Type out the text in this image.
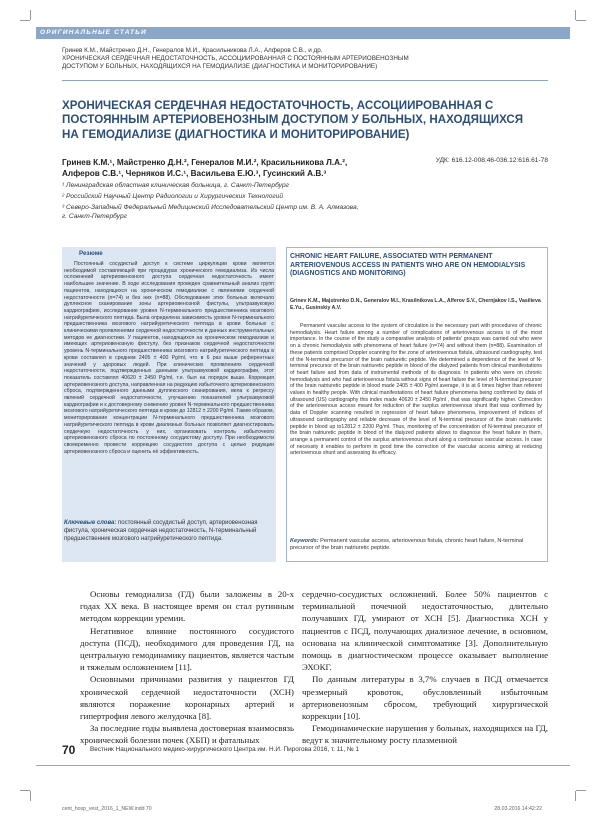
ОРИГИНАЛЬНЫЕ СТАТЬИ
Гринев К.М., Майстренко Д.Н., Генералов М.И., Красильникова Л.А., Алферов С.В., и др.
ХРОНИЧЕСКАЯ СЕРДЕЧНАЯ НЕДОСТАТОЧНОСТЬ, АССОЦИИРОВАННАЯ С ПОСТОЯННЫМ АРТЕРИОВЕНОЗНЫМ
ДОСТУПОМ У БОЛЬНЫХ, НАХОДЯЩИХСЯ НА ГЕМОДИАЛИЗЕ (ДИАГНОСТИКА И МОНИТОРИРОВАНИЕ)
ХРОНИЧЕСКАЯ СЕРДЕЧНАЯ НЕДОСТАТОЧНОСТЬ, АССОЦИИРОВАННАЯ С ПОСТОЯННЫМ АРТЕРИОВЕНОЗНЫМ ДОСТУПОМ У БОЛЬНЫХ, НАХОДЯЩИХСЯ НА ГЕМОДИАЛИЗЕ (ДИАГНОСТИКА И МОНИТОРИРОВАНИЕ)
Гринев К.М.¹, Майстренко Д.Н.², Генералов М.И.², Красильникова Л.А.²,
Алферов С.В.¹, Черняков И.С.¹, Васильева Е.Ю.³, Гусинский А.В.³
УДК: 616.12-008.46-036.12:616.61-78

¹ Ленинградская областная клиническая больница, г. Санкт-Петербург

² Российский Научный Центр Радиологии и Хирургических Технологий

³ Северо-Западный Федеральный Медицинский Исследовательский Центр им. В. А. Алмазова, г. Санкт-Петербург

Резюме

Постоянный сосудистый доступ к системе циркуляции крови является необходимой составляющей при процедурах хронического гемодиализа. Из числа осложнений артериовенозного доступа сердечная недостаточность имеет наибольшее значение. В ходе исследования проведен сравнительный анализ групп пациентов, находящихся на хроническом гемодиализе с явлениями сердечной недостаточности (n=74) и без них (n=88). Обследование этих больных включало дуплексное сканирование зоны артериовенозной фистулы, ультразвуковую кардиографию, исследование уровня N-терминального предшественника мозгового натрийуретического пептида. Была определена зависимость уровня N-терминального предшественника мозгового натрийуретического пептида в крови больных с клиническими проявлениями сердечной недостаточности и данных инструментальных методов ее диагностики. У пациентов, находящихся на хроническом гемодиализе и имеющих артериовенозную фистулу, без признаков сердечной недостаточности уровень N-терминального предшественника мозгового натрийуретического пептида в крови составлял в среднем 2405 ± 400 Pg/ml, что в 6 раз выше референтных значений у здоровых людей. При клинических проявлениях сердечной недостаточности, подтвержденных данными ультразвуковой кардиографии, этот показатель составлял 40620 ± 2450 Pg/ml, т.е. был на порядок выше. Коррекция артериовенозного доступа, направленная на редукцию избыточного артериовенозного сброса, подтвержденного данными дуплексного сканирования, вела к регрессу явлений сердечной недостаточности, улучшению показателей ультразвуковой кардиографии и к достоверному снижению уровня N-терминального предшественника мозгового натрийуретического пептида в крови до 12812 ± 2200 Pg/ml. Таким образом, мониторирование концентрации N-терминального предшественника мозгового натрийуретического пептида в крови диализных больных позволяет диагностировать сердечную недостаточность у них, организовать контроль избыточного артериовенозного сброса по постоянному сосудистому доступу. При необходимости своевременно провести коррекцию сосудистого доступа с целью редукции артериовенозного сброса и оценить её эффективность.

Ключевые слова: постоянный сосудистый доступ, артериовенозная фистула, хроническая сердечная недостаточность, N-терминальный предшественник мозгового натрийуретического пептида.
CHRONIC HEART FAILURE, ASSOCIATED WITH PERMANENT ARTERIOVENOUS ACCESS IN PATIENTS WHO ARE ON HEMODIALYSIS (DIAGNOSTICS AND MONITORING)
Grinev K.M., Majstrenko D.N., Generalov M.I., Krasilnikova L.A., Alferov S.V., Chernjakov I.S., Vasilieva E.Yu., Gusinskiy A.V.

Permanent vascular access to the system of circulation is the necessary part with procedures of chronic hemodialysis. Heart failure among a number of complications of arteriovenous access is of the most importance. In the course of the study a comparative analysis of patients' groups was carried out who were on a chronic hemodialysis with phenomena of heart failure (n=74) and without them (n=88). Examination of these patients comprised Doppler scanning for the zone of arteriovenous fistula, ultrasound cardiography, test of the N-terminal precursor of the brain natriuretic peptide. We determined a dependence of the level of N-terminal precursor of the brain natriuretic peptide in blood of the dialyzed patients from clinical manifestations of heart failure and from data of instrumental methods of its diagnosis. In patients who were on chronic hemodialysis and who had arteriovenous fistula without signs of heart failure the level of N-terminal precursor of the brain natriuretic peptide in blood made 2405 ± 400 Pg/ml average, it is at 6 times higher than referent values in healthy people. With clinical manifestations of heart failure phenomena being confirmed by data of ultrasound (US) cardiography this index made 40620 ± 2450 Pg/ml , that was significantly higher. Correction of the arteriovenous access meant for reduction of the surplus arteriovenous shunt that was confirmed by data of Doppler scanning resulted in regression of heart failure phenomena, improvement of indices of ultrasound cardiography and reliable decrease of the level of N-terminal precursor of the brain natriuretic peptide in blood up to12812 ± 2200 Pg/ml. Thus, monitoring of the concentration of N-terminal precursor of the brain natriuretic peptide in blood of the dialyzed patients allows to diagnose the heart failure in them, arrange a permanent control of the surplus arteriovenous shunt along a continuous vascular access. In case of necessity it enables to perform in good time the correction of the vascular access aiming at reducing arteriovenous shunt and assessing its efficacy.

Keywords: Permanent vascular access, arteriovenous fistula, chronic heart failure, N-terminal precursor of the brain natriuretic peptide.

Основы гемодиализа (ГД) были заложены в 20-х годах XX века. В настоящее время он стал рутинным методом коррекции уремии.

Негативное влияние постоянного сосудистого доступа (ПСД), необходимого для проведения ГД, на центральную гемодинамику пациентов, является частым и тяжелым осложнением [11].

Основными причинами развития у пациентов ГД хронической сердечной недостаточности (ХСН) являются поражение коронарных артерий и гипертрофия левого желудочка [8].

За последние годы выявлена достоверная взаимосвязь хронической болезни почек (ХБП) и фатальных

сердечно-сосудистых осложнений. Более 50% пациентов с терминальной почечной недостаточностью, длительно получавших ГД, умирают от ХСН [5]. Диагностика ХСН у пациентов с ПСД, получающих диализное лечение, в основном, основана на клинической симптоматике [3]. Дополнительную помощь в диагностическом процессе оказывает выполнение ЭХОКГ.

По данным литературы в 3,7% случаев в ПСД отмечается чрезмерный кровоток, обусловленный избыточным артериовенозным сбросом, требующий хирургической коррекции [10].

Гемодинамические нарушения у больных, находящихся на ГД, ведут к значительному росту плазменной

70 Вестник Национального медико-хирургического Центра им. Н.И. Пирогова 2016, т. 11, № 1
cent_hosp_vest_2016_1_NEW.indd 70	28.03.2016 14:42:22
